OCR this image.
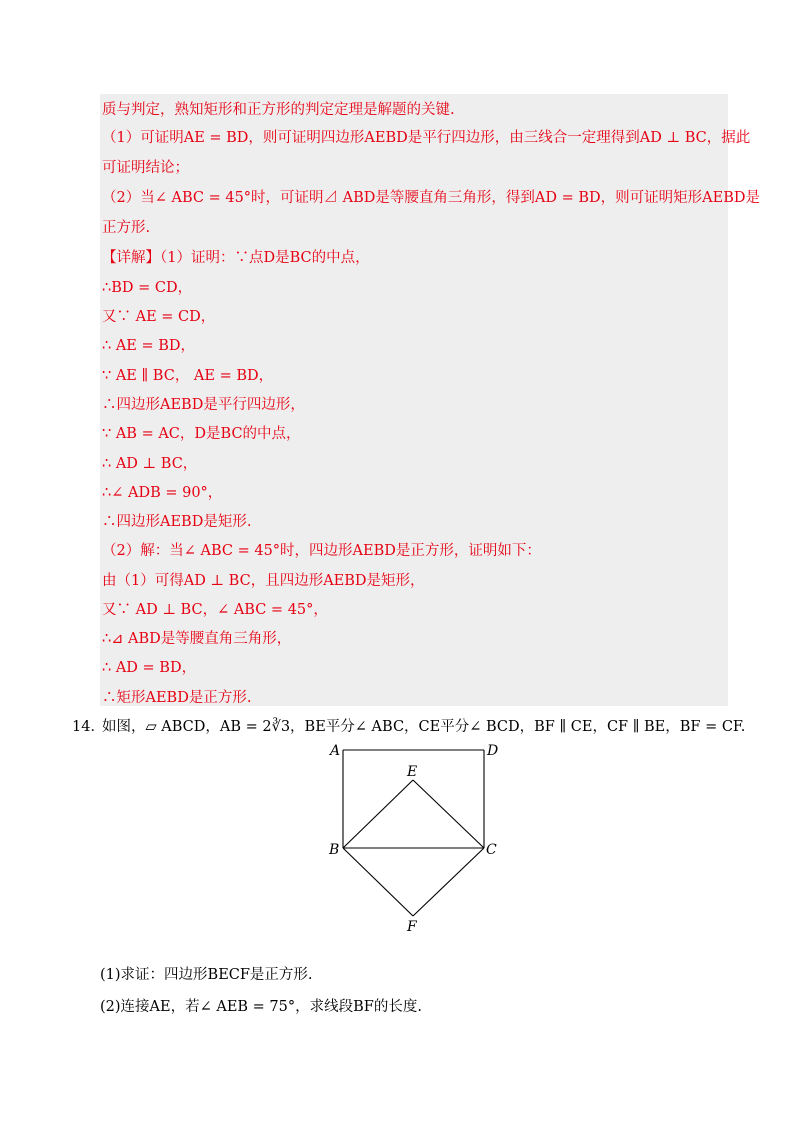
质与判定，熟知矩形和正方形的判定定理是解题的关键.
（1）可证明AE = BD，则可证明四边形AEBD是平行四边形，由三线合一定理得到AD ⊥ BC，据此
可证明结论；
（2）当∠ ABC = 45°时，可证明⊿ ABD是等腰直角三角形，得到AD = BD，则可证明矩形AEBD是
正方形.
【详解】（1）证明：∵点D是BC的中点，
∴BD = CD，
又∵ AE = CD，
∴ AE = BD，
∵ AE ∥ BC， AE = BD，
∴四边形AEBD是平行四边形，
∵ AB = AC，D是BC的中点，
∴ AD ⊥ BC，
∴∠ ADB = 90°，
∴四边形AEBD是矩形.
（2）解：当∠ ABC = 45°时，四边形AEBD是正方形，证明如下：
由（1）可得AD ⊥ BC，且四边形AEBD是矩形，
又∵ AD ⊥ BC，∠ ABC = 45°，
∴⊿ ABD是等腰直角三角形，
∴ AD = BD，
∴矩形AEBD是正方形.
14．
如图，▱ ABCD，AB = 2∛3，BE平分∠ ABC，CE平分∠ BCD，BF ∥ CE，CF ∥ BE，BF = CF.
A	D
E
B	C
F
(1)求证：四边形BECF是正方形.
(2)连接AE，若∠ AEB = 75°，求线段BF的长度.
